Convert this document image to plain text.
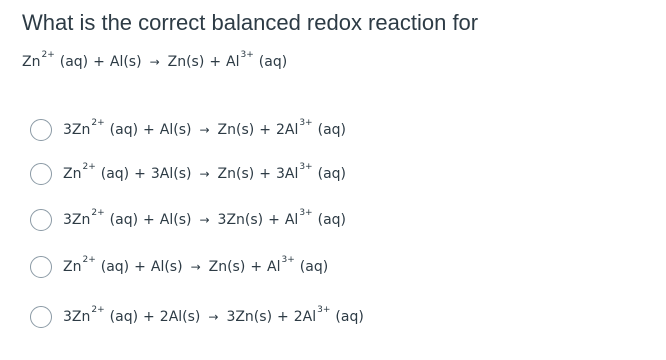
What is the correct balanced redox reaction for
$Zn^{2+}$ $(aq) + Al(s) \to Zn(s) + Al^{3+}$ (aq)
$3Zn^{2+}$ $(aq) + Al(s) \to Zn(s) + 2Al^{3+}$ (aq)
$Zn^{2+}$ $(aq) + 3Al(s) \to Zn(s) + 3Al^{3+}$ (aq)
$3Zn^{2+}$ $(aq) + Al(s) \to 3Zn(s) + Al^{3+}$ (aq)
$Zn^{2+}$ $(aq) + Al(s) \to Zn(s) + Al^{3+}$ (aq)
$3Zn^{2+}$ $(aq) + 2Al(s) \to 3Zn(s) + 2Al^{3+}$ (aq)
